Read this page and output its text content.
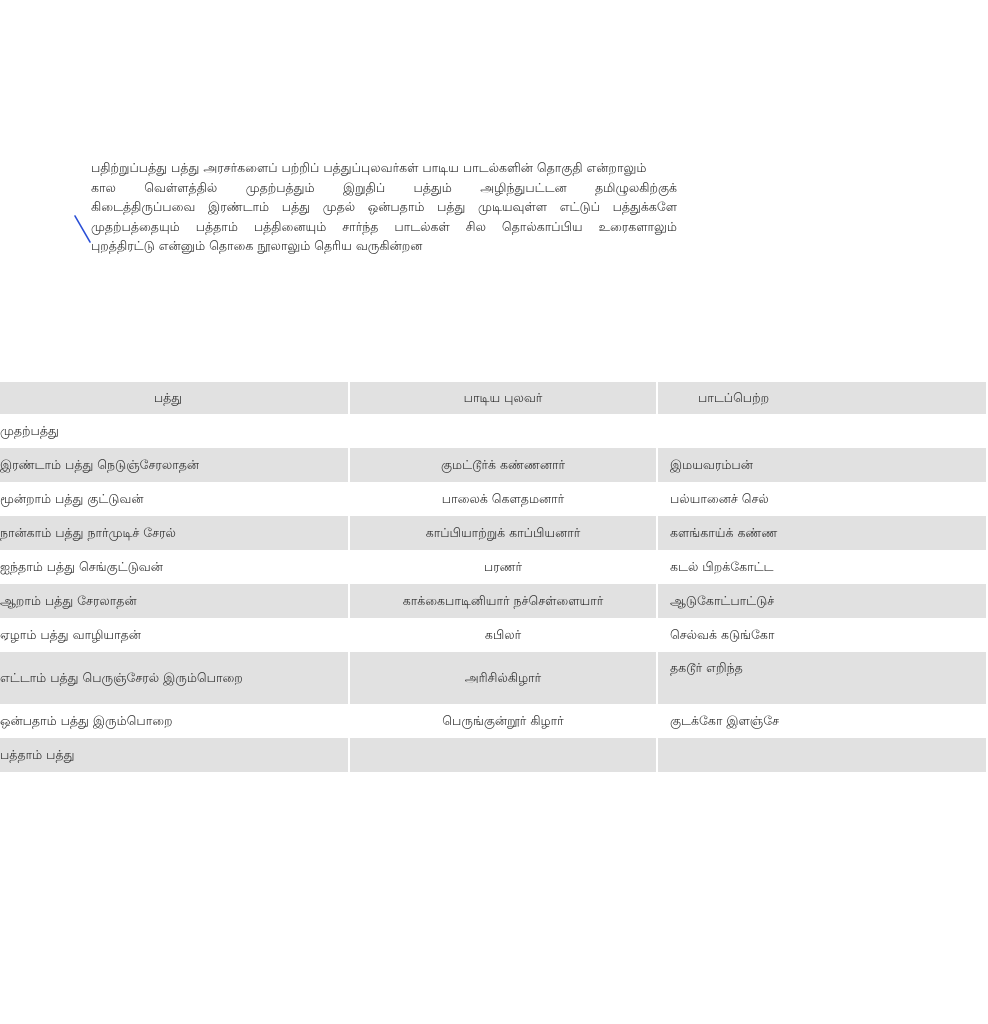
பதிற்றுப்பத்து பத்து அரசர்களைப் பற்றிப் பத்துப்புலவர்கள் பாடிய பாடல்களின் தொகுதி என்றாலும்
கால வெள்ளத்தில் முதற்பத்தும் இறுதிப் பத்தும் அழிந்துபட்டன தமிழுலகிற்குக்
கிடைத்திருப்பவை இரண்டாம் பத்து முதல் ஒன்பதாம் பத்து முடியவுள்ள எட்டுப் பத்துக்களே
முதற்பத்தையும் பத்தாம் பத்தினையும் சார்ந்த பாடல்கள் சில தொல்காப்பிய உரைகளாலும்
புறத்திரட்டு என்னும் தொகை நூலாலும் தெரிய வருகின்றன
பத்து	பாடிய புலவர்	பாடப்பெற்ற
முதற்பத்து		
இரண்டாம் பத்து நெடுஞ்சேரலாதன்	குமட்டூர்க் கண்ணனார்	இமயவரம்பன்
மூன்றாம் பத்து குட்டுவன்	பாலைக் கௌதமனார்	பல்யானைச் செல்
நான்காம் பத்து நார்முடிச் சேரல்	காப்பியாற்றுக் காப்பியனார்	களங்காய்க் கண்ண
ஐந்தாம் பத்து செங்குட்டுவன்	பரணர்	கடல் பிறக்கோட்ட
ஆறாம் பத்து சேரலாதன்	காக்கைபாடினியார் நச்செள்ளையார்	ஆடுகோட்பாட்டுச்
ஏழாம் பத்து வாழியாதன்	கபிலர்	செல்வக் கடுங்கோ
எட்டாம் பத்து பெருஞ்சேரல் இரும்பொறை	அரிசில்கிழார்	தகடூர் எறிந்த
ஒன்பதாம் பத்து இரும்பொறை	பெருங்குன்றூர் கிழார்	குடக்கோ இளஞ்சே
பத்தாம் பத்து		
